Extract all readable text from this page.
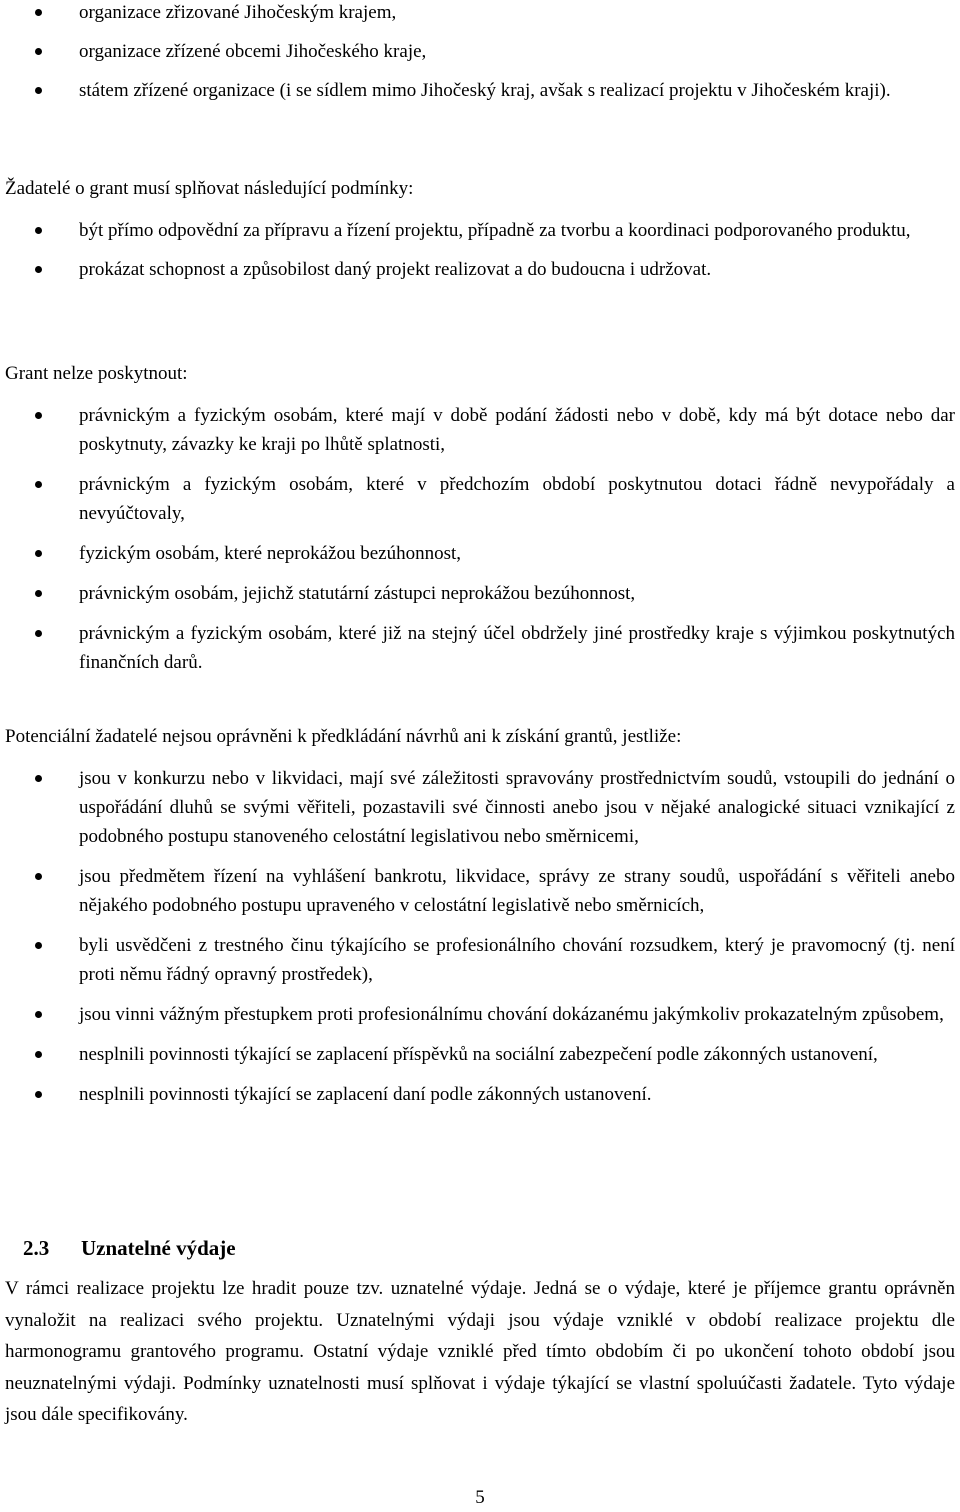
organizace zřizované Jihočeským krajem,
organizace zřízené obcemi Jihočeského kraje,
státem zřízené organizace (i se sídlem mimo Jihočeský kraj, avšak s realizací projektu v Jihočeském kraji).

Žadatelé o grant musí splňovat následující podmínky:

být přímo odpovědní za přípravu a řízení projektu, případně za tvorbu a koordinaci podporovaného produktu,
prokázat schopnost a způsobilost daný projekt realizovat a do budoucna i udržovat.

Grant nelze poskytnout:

právnickým a fyzickým osobám, které mají v době podání žádosti nebo v době, kdy má být dotace nebo dar poskytnuty, závazky ke kraji po lhůtě splatnosti,
právnickým a fyzickým osobám, které v předchozím období poskytnutou dotaci řádně nevypořádaly a nevyúčtovaly,
fyzickým osobám, které neprokážou bezúhonnost,
právnickým osobám, jejichž statutární zástupci neprokážou bezúhonnost,
právnickým a fyzickým osobám, které již na stejný účel obdržely jiné prostředky kraje s výjimkou poskytnutých finančních darů.

Potenciální žadatelé nejsou oprávněni k předkládání návrhů ani k získání grantů, jestliže:

jsou v konkurzu nebo v likvidaci, mají své záležitosti spravovány prostřednictvím soudů, vstoupili do jednání o uspořádání dluhů se svými věřiteli, pozastavili své činnosti anebo jsou v nějaké analogické situaci vznikající z podobného postupu stanoveného celostátní legislativou nebo směrnicemi,
jsou předmětem řízení na vyhlášení bankrotu, likvidace, správy ze strany soudů, uspořádání s věřiteli anebo nějakého podobného postupu upraveného v celostátní legislativě nebo směrnicích,
byli usvědčeni z trestného činu týkajícího se profesionálního chování rozsudkem, který je pravomocný (tj. není proti němu řádný opravný prostředek),
jsou vinni vážným přestupkem proti profesionálnímu chování dokázanému jakýmkoliv prokazatelným způsobem,
nesplnili povinnosti týkající se zaplacení příspěvků na sociální zabezpečení podle zákonných ustanovení,
nesplnili povinnosti týkající se zaplacení daní podle zákonných ustanovení.
2.3 Uznatelné výdaje

V rámci realizace projektu lze hradit pouze tzv. uznatelné výdaje. Jedná se o výdaje, které je příjemce grantu oprávněn vynaložit na realizaci svého projektu. Uznatelnými výdaji jsou výdaje vzniklé v období realizace projektu dle harmonogramu grantového programu. Ostatní výdaje vzniklé před tímto obdobím či po ukončení tohoto období jsou neuznatelnými výdaji. Podmínky uznatelnosti musí splňovat i výdaje týkající se vlastní spoluúčasti žadatele. Tyto výdaje jsou dále specifikovány.

5
